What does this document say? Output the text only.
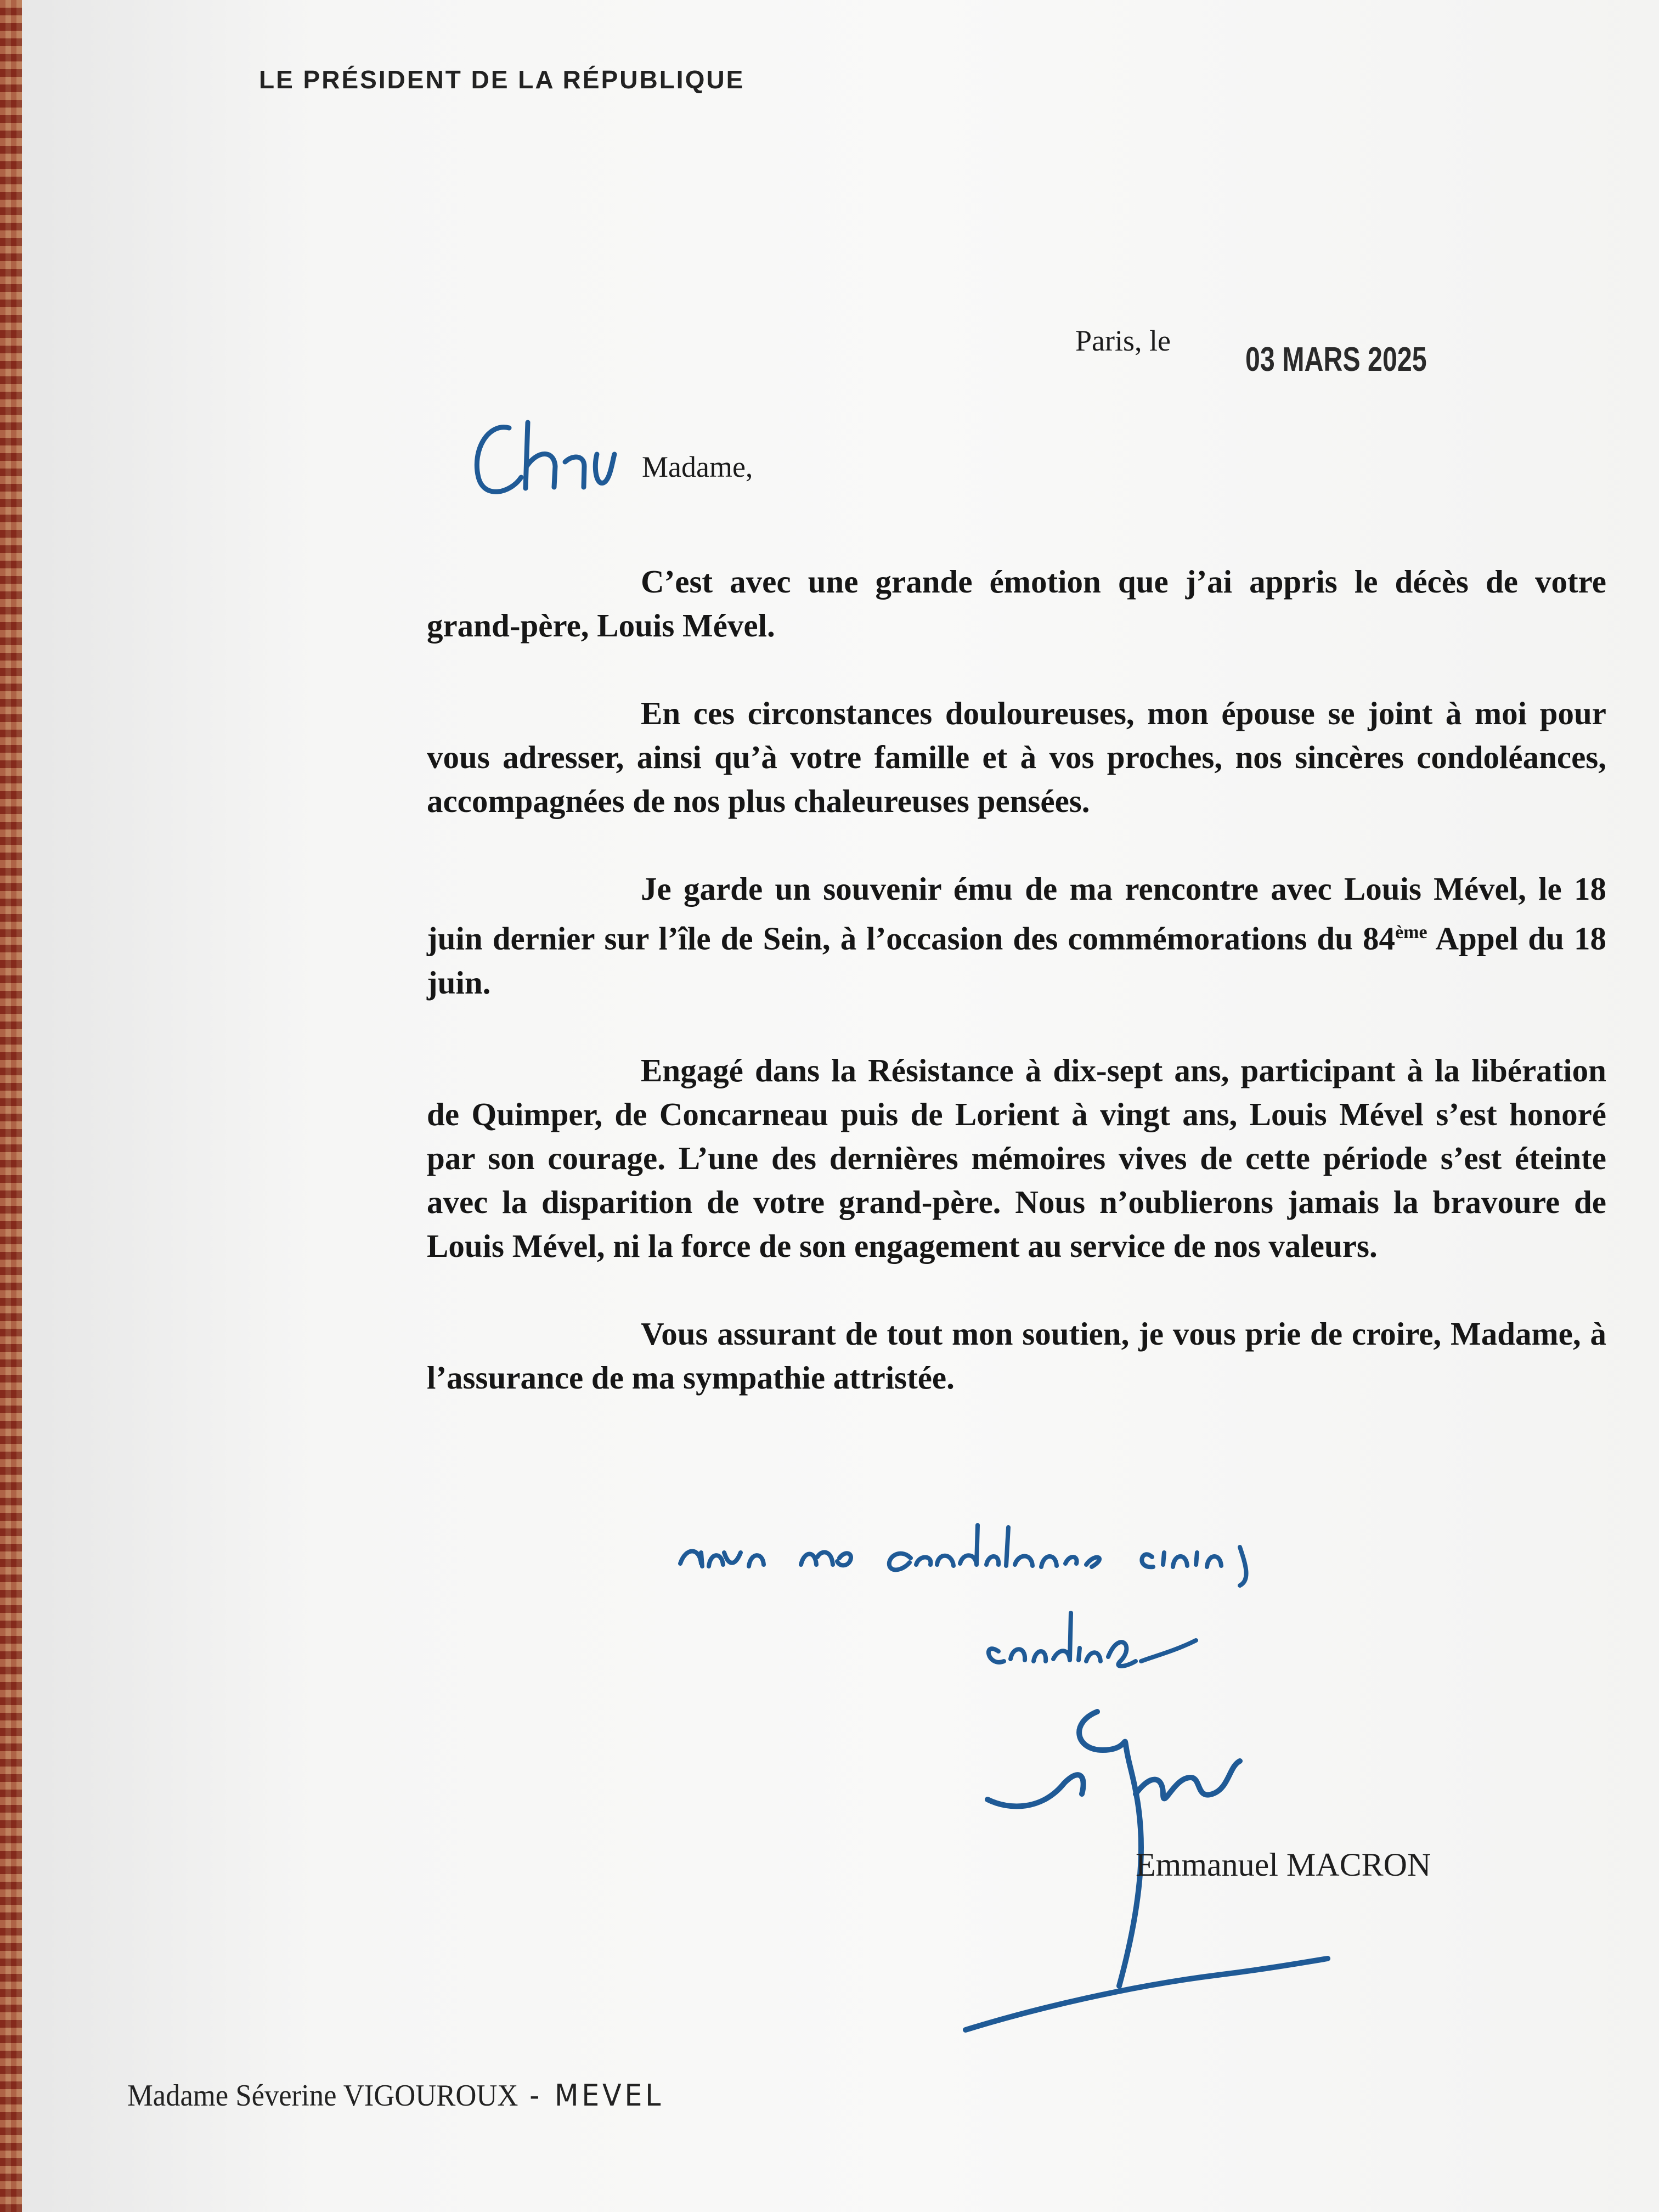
LE PRÉSIDENT DE LA RÉPUBLIQUE
Paris, le 03 MARS 2025
Madame,

C’est avec une grande émotion que j’ai appris le décès de votre grand-père, Louis Mével.

En ces circonstances douloureuses, mon épouse se joint à moi pour vous adresser, ainsi qu’à votre famille et à vos proches, nos sincères condoléances, accompagnées de nos plus chaleureuses pensées.

Je garde un souvenir ému de ma rencontre avec Louis Mével, le 18 juin dernier sur l’île de Sein, à l’occasion des commémorations du 84ème Appel du 18 juin.

Engagé dans la Résistance à dix-sept ans, participant à la libération de Quimper, de Concarneau puis de Lorient à vingt ans, Louis Mével s’est honoré par son courage. L’une des dernières mémoires vives de cette période s’est éteinte avec la disparition de votre grand-père. Nous n’oublierons jamais la bravoure de Louis Mével, ni la force de son engagement au service de nos valeurs.

Vous assurant de tout mon soutien, je vous prie de croire, Madame, à l’assurance de ma sympathie attristée.

Emmanuel MACRON
Madame Séverine VIGOUROUX - MEVEL
